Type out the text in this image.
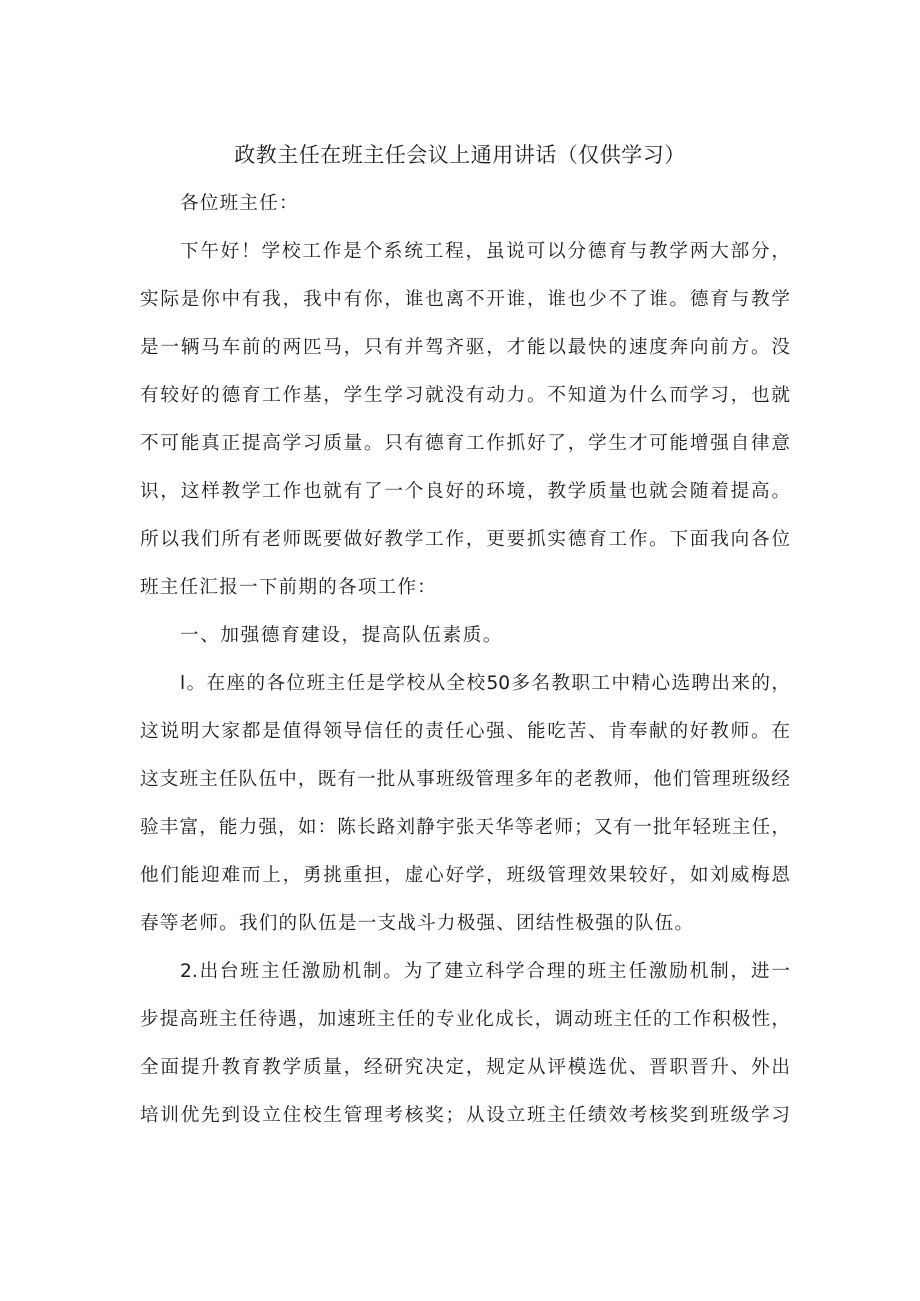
政教主任在班主任会议上通用讲话（仅供学习）
各位班主任：
下午好！学校工作是个系统工程，虽说可以分德育与教学两大部分，
实际是你中有我，我中有你，谁也离不开谁，谁也少不了谁。德育与教学
是一辆马车前的两匹马，只有并驾齐驱，才能以最快的速度奔向前方。没
有较好的德育工作基，学生学习就没有动力。不知道为什么而学习，也就
不可能真正提高学习质量。只有德育工作抓好了，学生才可能增强自律意
识，这样教学工作也就有了一个良好的环境，教学质量也就会随着提高。
所以我们所有老师既要做好教学工作，更要抓实德育工作。下面我向各位
班主任汇报一下前期的各项工作：
一、加强德育建设，提高队伍素质。
l。在座的各位班主任是学校从全校50多名教职工中精心选聘出来的，
这说明大家都是值得领导信任的责任心强、能吃苦、肯奉献的好教师。在
这支班主任队伍中，既有一批从事班级管理多年的老教师，他们管理班级经
验丰富，能力强，如：陈长路刘静宇张天华等老师；又有一批年轻班主任，
他们能迎难而上，勇挑重担，虚心好学，班级管理效果较好，如刘威梅恩
春等老师。我们的队伍是一支战斗力极强、团结性极强的队伍。
2.出台班主任激励机制。为了建立科学合理的班主任激励机制，进一
步提高班主任待遇，加速班主任的专业化成长，调动班主任的工作积极性，
全面提升教育教学质量，经研究决定，规定从评模选优、晋职晋升、外出
培训优先到设立住校生管理考核奖；从设立班主任绩效考核奖到班级学习
